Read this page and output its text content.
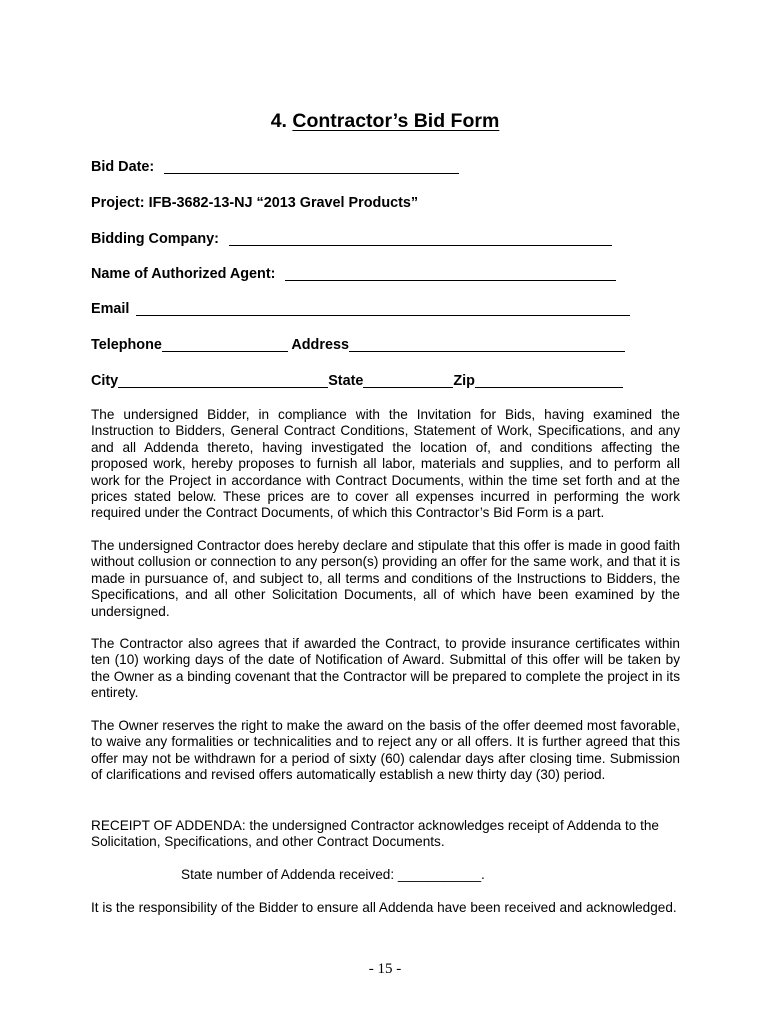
4. Contractor’s Bid Form
Bid Date:
Project: IFB-3682-13-NJ “2013 Gravel Products”
Bidding Company:
Name of Authorized Agent:
Email
Telephone	Address
City	State	Zip
The undersigned Bidder, in compliance with the Invitation for Bids, having examined the Instruction to Bidders, General Contract Conditions, Statement of Work, Specifications, and any and all Addenda thereto, having investigated the location of, and conditions affecting the proposed work, hereby proposes to furnish all labor, materials and supplies, and to perform all work for the Project in accordance with Contract Documents, within the time set forth and at the prices stated below. These prices are to cover all expenses incurred in performing the work required under the Contract Documents, of which this Contractor’s Bid Form is a part.
The undersigned Contractor does hereby declare and stipulate that this offer is made in good faith without collusion or connection to any person(s) providing an offer for the same work, and that it is made in pursuance of, and subject to, all terms and conditions of the Instructions to Bidders, the Specifications, and all other Solicitation Documents, all of which have been examined by the undersigned.
The Contractor also agrees that if awarded the Contract, to provide insurance certificates within ten (10) working days of the date of Notification of Award. Submittal of this offer will be taken by the Owner as a binding covenant that the Contractor will be prepared to complete the project in its entirety.
The Owner reserves the right to make the award on the basis of the offer deemed most favorable, to waive any formalities or technicalities and to reject any or all offers. It is further agreed that this offer may not be withdrawn for a period of sixty (60) calendar days after closing time. Submission of clarifications and revised offers automatically establish a new thirty day (30) period.
RECEIPT OF ADDENDA: the undersigned Contractor acknowledges receipt of Addenda to the Solicitation, Specifications, and other Contract Documents.
State number of Addenda received: ___________.
It is the responsibility of the Bidder to ensure all Addenda have been received and acknowledged.
- 15 -
